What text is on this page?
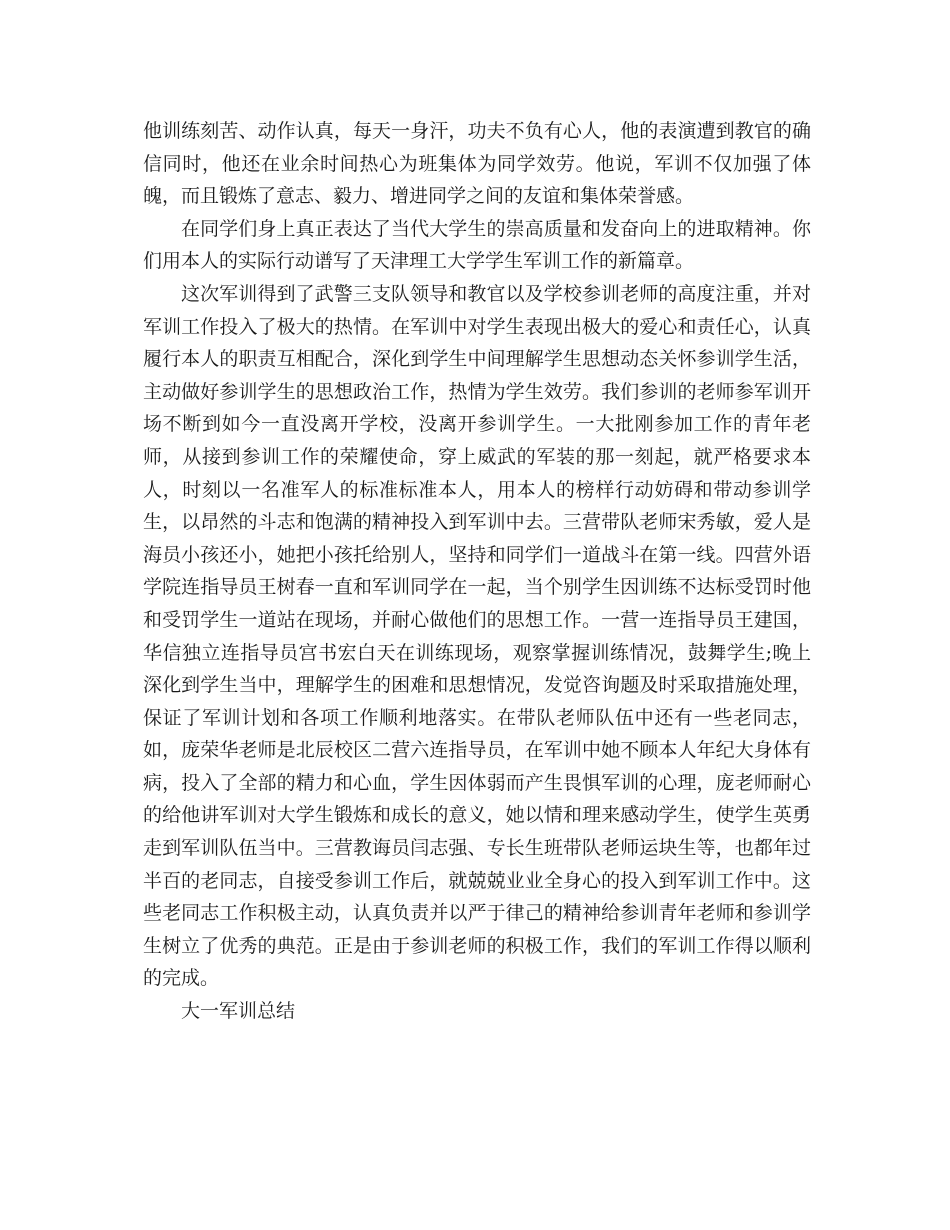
他训练刻苦、动作认真，每天一身汗，功夫不负有心人，他的表演遭到教官的确信同时，他还在业余时间热心为班集体为同学效劳。他说，军训不仅加强了体魄，而且锻炼了意志、毅力、增进同学之间的友谊和集体荣誉感。

在同学们身上真正表达了当代大学生的崇高质量和发奋向上的进取精神。你们用本人的实际行动谱写了天津理工大学学生军训工作的新篇章。

这次军训得到了武警三支队领导和教官以及学校参训老师的高度注重，并对军训工作投入了极大的热情。在军训中对学生表现出极大的爱心和责任心，认真履行本人的职责互相配合，深化到学生中间理解学生思想动态关怀参训学生活，主动做好参训学生的思想政治工作，热情为学生效劳。我们参训的老师参军训开场不断到如今一直没离开学校，没离开参训学生。一大批刚参加工作的青年老师，从接到参训工作的荣耀使命，穿上威武的军装的那一刻起，就严格要求本人，时刻以一名准军人的标准标准本人，用本人的榜样行动妨碍和带动参训学生，以昂然的斗志和饱满的精神投入到军训中去。三营带队老师宋秀敏，爱人是海员小孩还小，她把小孩托给别人，坚持和同学们一道战斗在第一线。四营外语学院连指导员王树春一直和军训同学在一起，当个别学生因训练不达标受罚时他和受罚学生一道站在现场，并耐心做他们的思想工作。一营一连指导员王建国，华信独立连指导员宫书宏白天在训练现场，观察掌握训练情况，鼓舞学生;晚上深化到学生当中，理解学生的困难和思想情况，发觉咨询题及时采取措施处理，保证了军训计划和各项工作顺利地落实。在带队老师队伍中还有一些老同志，如，庞荣华老师是北辰校区二营六连指导员，在军训中她不顾本人年纪大身体有病，投入了全部的精力和心血，学生因体弱而产生畏惧军训的心理，庞老师耐心的给他讲军训对大学生锻炼和成长的意义，她以情和理来感动学生，使学生英勇走到军训队伍当中。三营教诲员闫志强、专长生班带队老师运块生等，也都年过半百的老同志，自接受参训工作后，就兢兢业业全身心的投入到军训工作中。这些老同志工作积极主动，认真负责并以严于律己的精神给参训青年老师和参训学生树立了优秀的典范。正是由于参训老师的积极工作，我们的军训工作得以顺利的完成。

大一军训总结
